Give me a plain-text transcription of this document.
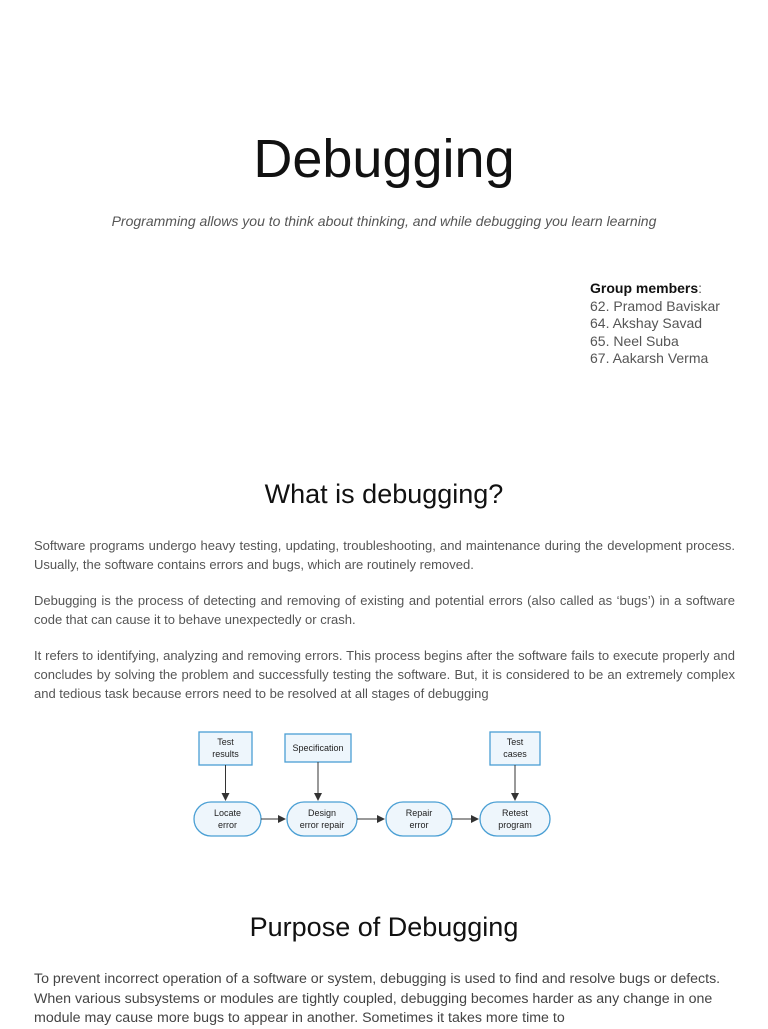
Debugging
Programming allows you to think about thinking, and while debugging you learn learning
Group members:
62. Pramod Baviskar
64. Akshay Savad
65. Neel Suba
67. Aakarsh Verma
What is debugging?

Software programs undergo heavy testing, updating, troubleshooting, and maintenance during the development process. Usually, the software contains errors and bugs, which are routinely removed.

Debugging is the process of detecting and removing of existing and potential errors (also called as ‘bugs’) in a software code that can cause it to behave unexpectedly or crash.

It refers to identifying, analyzing and removing errors. This process begins after the software fails to execute properly and concludes by solving the problem and successfully testing the software. But, it is considered to be an extremely complex and tedious task because errors need to be resolved at all stages of debugging

Test
results
Specification
Test
cases
Locate
error
Design
error repair
Repair
error
Retest
program
Purpose of Debugging

To prevent incorrect operation of a software or system, debugging is used to find and resolve bugs or defects. When various subsystems or modules are tightly coupled, debugging becomes harder as any change in one module may cause more bugs to appear in another. Sometimes it takes more time to
